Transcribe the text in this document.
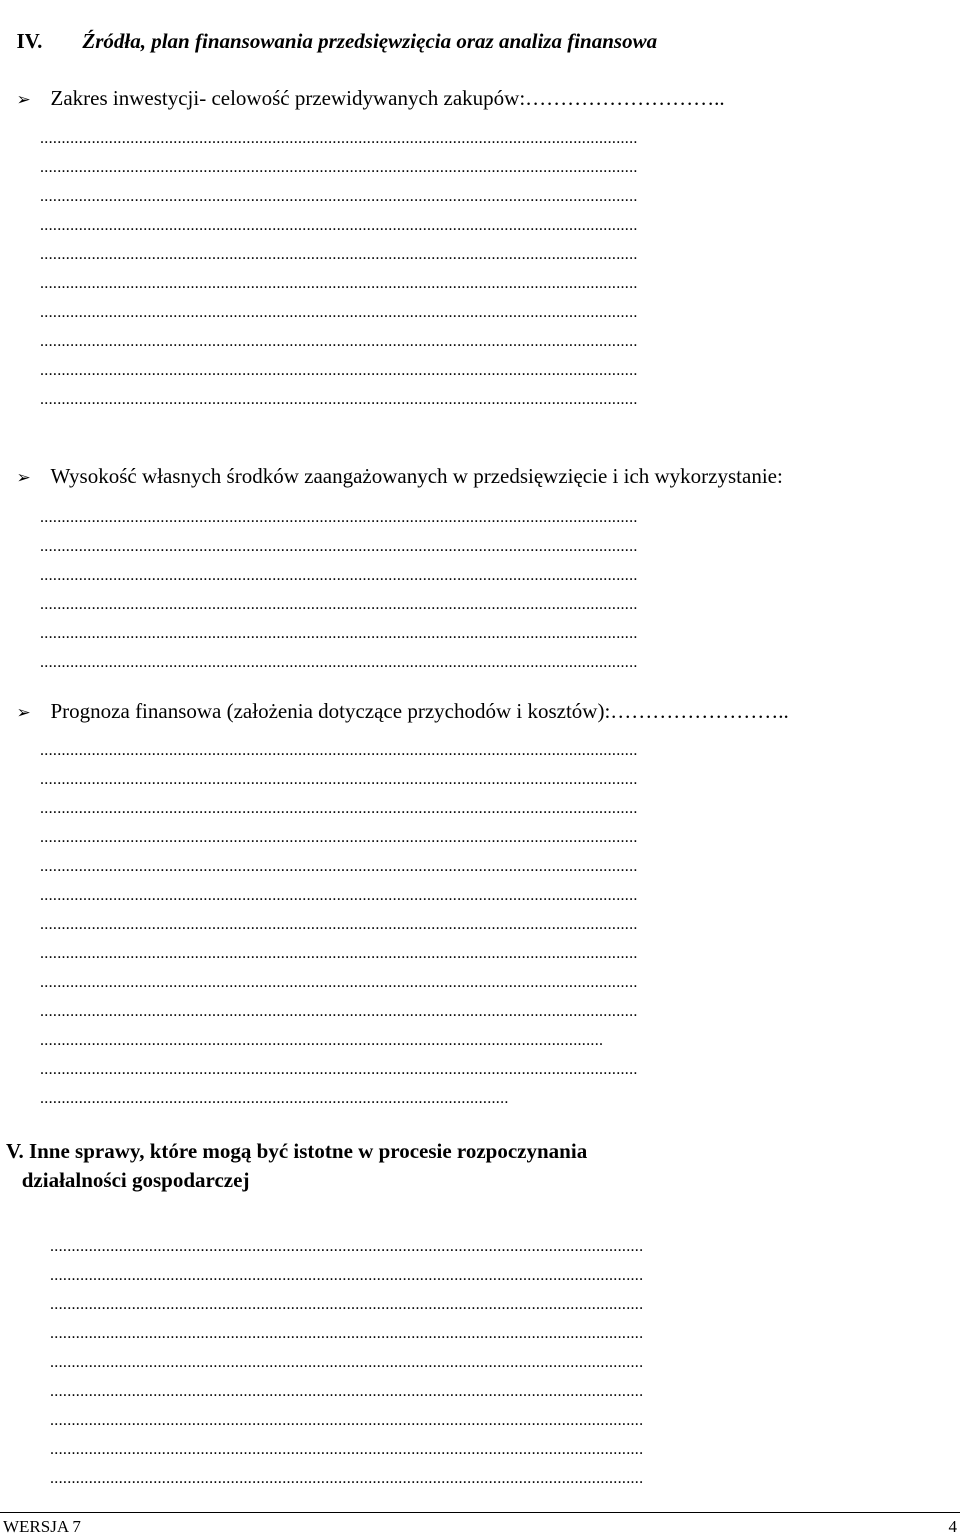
IV. Źródła, plan finansowania przedsięwzięcia oraz analiza finansowa

➢ Zakres inwestycji- celowość przewidywanych zakupów:………………………..

...........................................................................................................................................
...........................................................................................................................................
...........................................................................................................................................
...........................................................................................................................................
...........................................................................................................................................
...........................................................................................................................................
...........................................................................................................................................
...........................................................................................................................................
...........................................................................................................................................
...........................................................................................................................................

➢ Wysokość własnych środków zaangażowanych w przedsięwzięcie i ich wykorzystanie:

...........................................................................................................................................
...........................................................................................................................................
...........................................................................................................................................
...........................................................................................................................................
...........................................................................................................................................
...........................................................................................................................................

➢ Prognoza finansowa (założenia dotyczące przychodów i kosztów):……………………..

...........................................................................................................................................
...........................................................................................................................................
...........................................................................................................................................
...........................................................................................................................................
...........................................................................................................................................
...........................................................................................................................................
...........................................................................................................................................
...........................................................................................................................................
...........................................................................................................................................
...........................................................................................................................................
...................................................................................................................................
...........................................................................................................................................
.............................................................................................................

V. Inne sprawy, które mogą być istotne w procesie rozpoczynania
działalności gospodarczej

..........................................................................................................................................
..........................................................................................................................................
..........................................................................................................................................
..........................................................................................................................................
..........................................................................................................................................
..........................................................................................................................................
..........................................................................................................................................
..........................................................................................................................................
..........................................................................................................................................

WERSJA 7	4
